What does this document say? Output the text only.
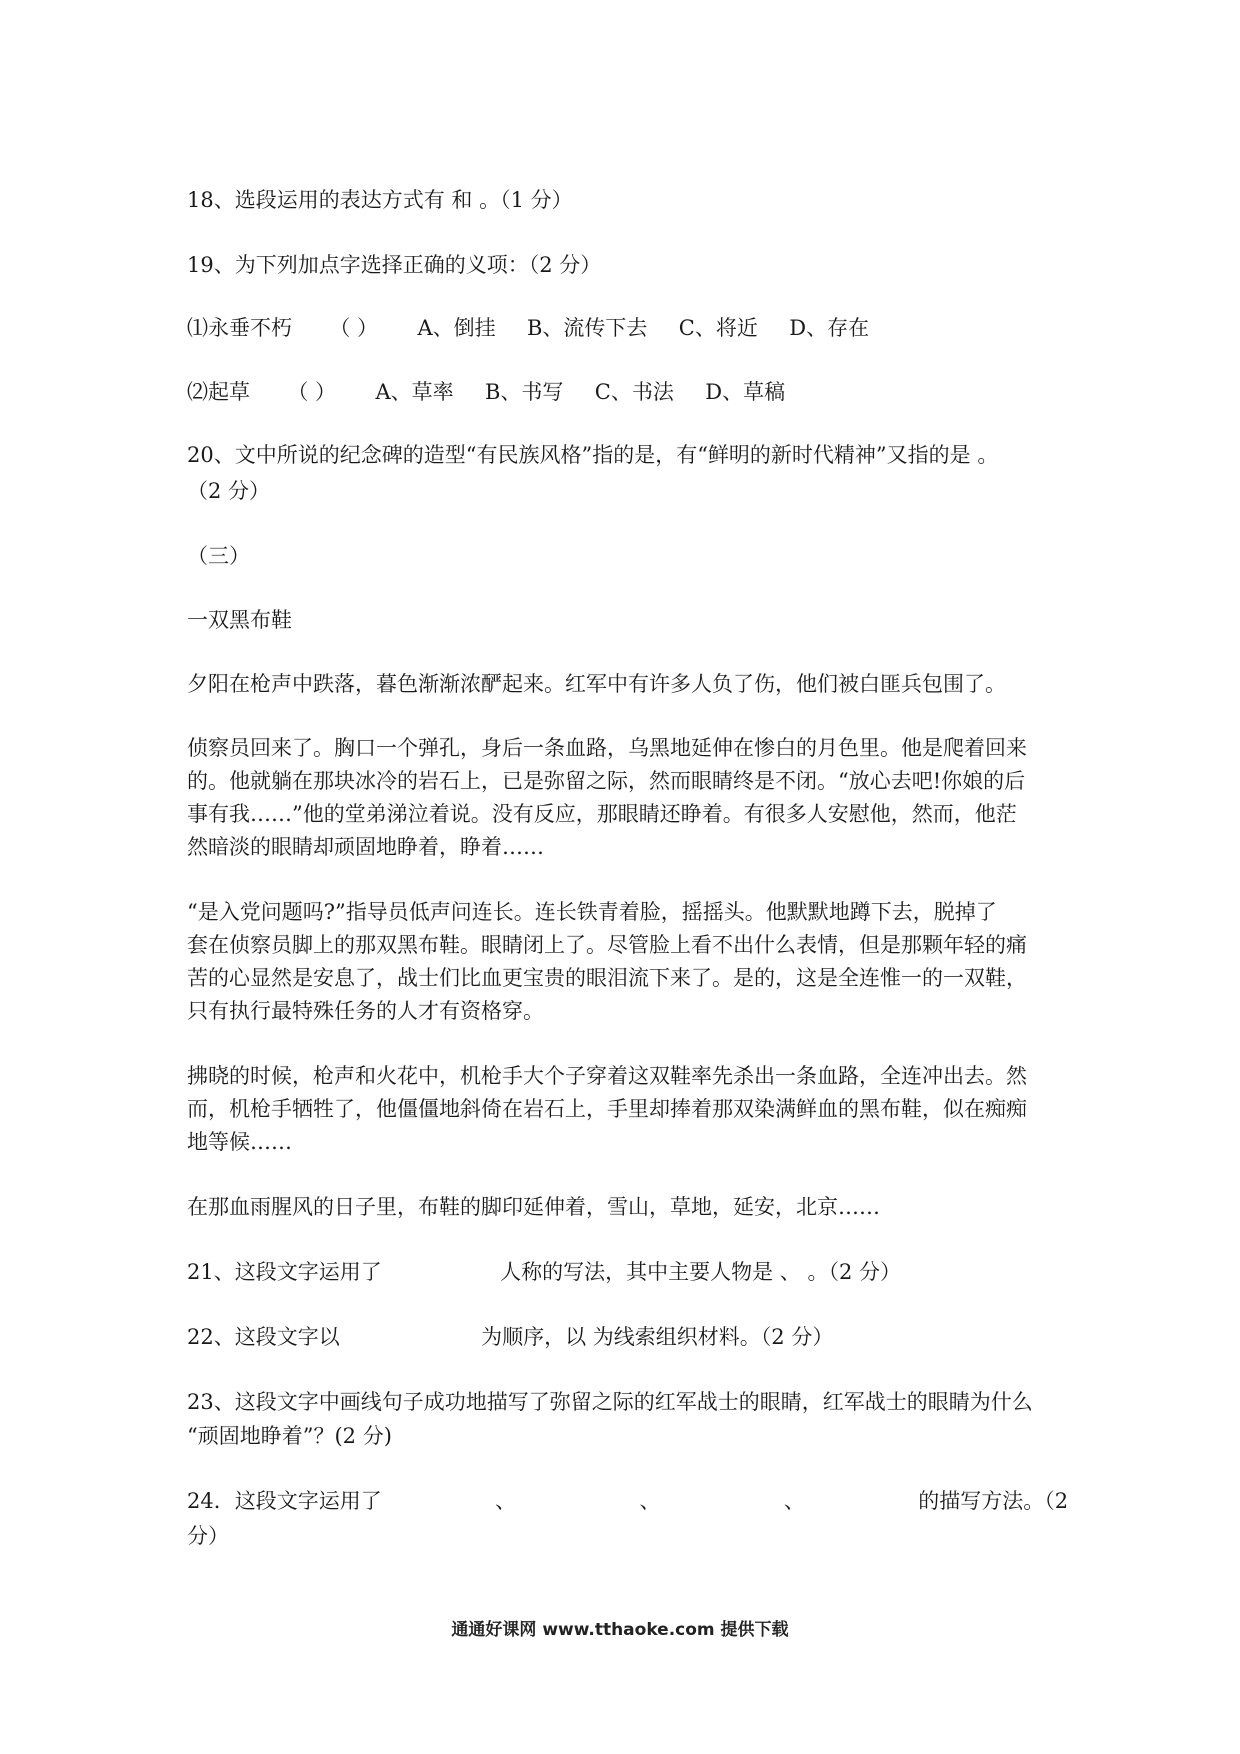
18、选段运用的表达方式有 和 。（1 分）
19、为下列加点字选择正确的义项：（2 分）
⑴永垂不朽 （ ） A、倒挂 B、流传下去 C、将近 D、存在
⑵起草 （ ） A、草率 B、书写 C、书法 D、草稿
20、文中所说的纪念碑的造型“有民族风格”指的是，有“鲜明的新时代精神”又指的是 。
（2 分）
（三）
一双黑布鞋
夕阳在枪声中跌落，暮色渐渐浓酽起来。红军中有许多人负了伤，他们被白匪兵包围了。
侦察员回来了。胸口一个弹孔，身后一条血路，乌黑地延伸在惨白的月色里。他是爬着回来
的。他就躺在那块冰冷的岩石上，已是弥留之际，然而眼睛终是不闭。“放心去吧!你娘的后
事有我……”他的堂弟涕泣着说。没有反应，那眼睛还睁着。有很多人安慰他，然而，他茫
然暗淡的眼睛却顽固地睁着，睁着……
“是入党问题吗?”指导员低声问连长。连长铁青着脸，摇摇头。他默默地蹲下去，脱掉了
套在侦察员脚上的那双黑布鞋。眼睛闭上了。尽管脸上看不出什么表情，但是那颗年轻的痛
苦的心显然是安息了，战士们比血更宝贵的眼泪流下来了。是的，这是全连惟一的一双鞋，
只有执行最特殊任务的人才有资格穿。
拂晓的时候，枪声和火花中，机枪手大个子穿着这双鞋率先杀出一条血路，全连冲出去。然
而，机枪手牺牲了，他僵僵地斜倚在岩石上，手里却捧着那双染满鲜血的黑布鞋，似在痴痴
地等候……
在那血雨腥风的日子里，布鞋的脚印延伸着，雪山，草地，延安，北京……
21、这段文字运用了	人称的写法，其中主要人物是 、 。（2 分）
22、这段文字以	为顺序，以 为线索组织材料。（2 分）
23、这段文字中画线句子成功地描写了弥留之际的红军战士的眼睛，红军战士的眼睛为什么
“顽固地睁着”？(2 分)
24．这段文字运用了	、	、	、	的描写方法。（2
分）
通通好课网 www.tthaoke.com 提供下载
